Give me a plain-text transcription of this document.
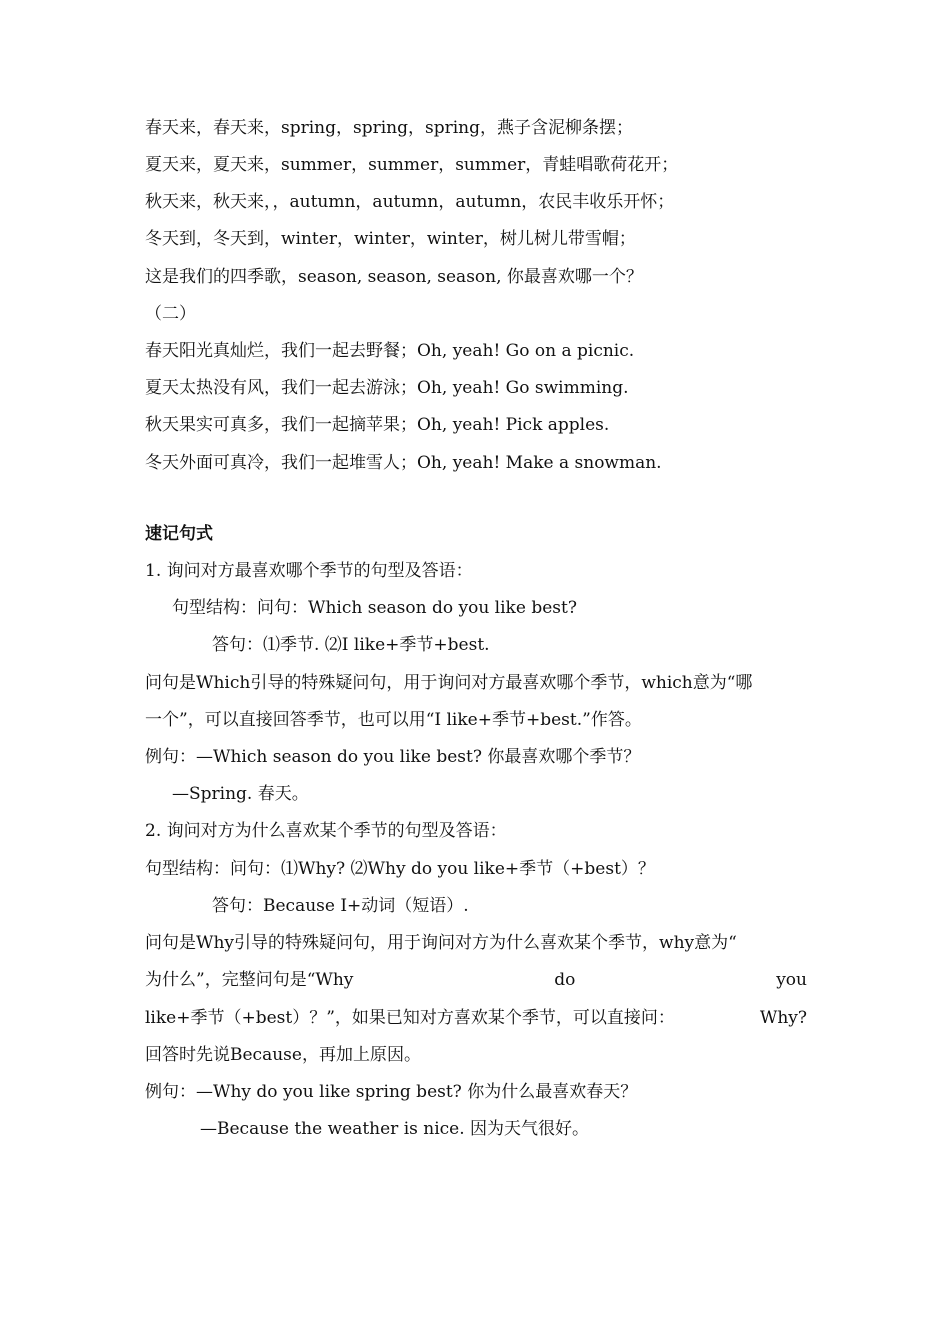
春天来，春天来，spring，spring，spring，燕子含泥柳条摆；
夏天来，夏天来，summer，summer，summer，青蛙唱歌荷花开；
秋天来，秋天来，，autumn，autumn，autumn，农民丰收乐开怀；
冬天到，冬天到，winter，winter，winter，树儿树儿带雪帽；
这是我们的四季歌，season, season, season, 你最喜欢哪一个？
（二）
春天阳光真灿烂，我们一起去野餐；Oh, yeah! Go on a picnic.
夏天太热没有风，我们一起去游泳；Oh, yeah! Go swimming.
秋天果实可真多，我们一起摘苹果；Oh, yeah! Pick apples.
冬天外面可真冷，我们一起堆雪人；Oh, yeah! Make a snowman.
速记句式
1. 询问对方最喜欢哪个季节的句型及答语：
句型结构：问句：Which season do you like best?
答句：⑴季节. ⑵I like+季节+best.
问句是Which引导的特殊疑问句，用于询问对方最喜欢哪个季节，which意为“哪
一个”，可以直接回答季节，也可以用“I like+季节+best.”作答。
例句：—Which season do you like best? 你最喜欢哪个季节？
—Spring. 春天。
2. 询问对方为什么喜欢某个季节的句型及答语：
句型结构：问句：⑴Why? ⑵Why do you like+季节（+best）？
答句：Because I+动词（短语）.
问句是Why引导的特殊疑问句，用于询问对方为什么喜欢某个季节，why意为“
为什么”，完整问句是“Why	do	you
like+季节（+best）？”，如果已知对方喜欢某个季节，可以直接问：	Why?
回答时先说Because，再加上原因。
例句：—Why do you like spring best? 你为什么最喜欢春天？
—Because the weather is nice. 因为天气很好。
